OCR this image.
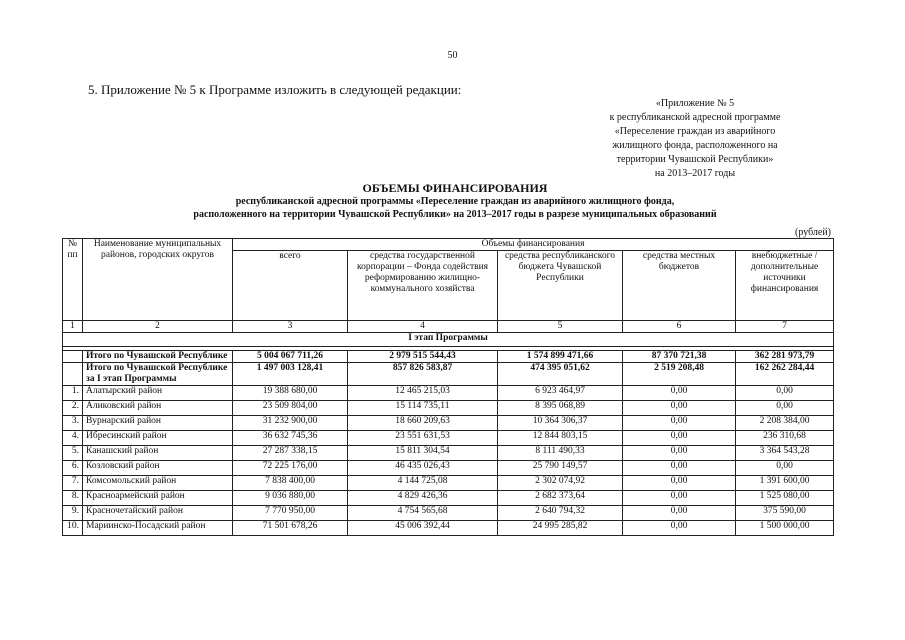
50
5. Приложение № 5 к Программе изложить в следующей редакции:
«Приложение № 5
к республиканской адресной программе
«Переселение граждан из аварийного
жилищного фонда, расположенного на
территории Чувашской Республики»
на 2013–2017 годы
ОБЪЕМЫ ФИНАНСИРОВАНИЯ
республиканской адресной программы «Переселение граждан из аварийного жилищного фонда,
расположенного на территории Чувашской Республики» на 2013–2017 годы в разрезе муниципальных образований
(рублей)
№ пп	Наименование муниципальных районов, городских округов	Объемы финансирования				
		всего	средства государственной корпорации – Фонда содействия реформированию жилищно-коммунального хозяйства	средства республиканского бюджета Чувашской Республики	средства местных бюджетов	внебюджетные / дополнительные источники финансирования
1	2	3	4	5	6	7
I этап Программы						

	Итого по Чувашской Республике	5 004 067 711,26	2 979 515 544,43	1 574 899 471,66	87 370 721,38	362 281 973,79
	Итого по Чувашской Республике за I этап Программы	1 497 003 128,41	857 826 583,87	474 395 051,62	2 519 208,48	162 262 284,44
1.	Алатырский район	19 388 680,00	12 465 215,03	6 923 464,97	0,00	0,00
2.	Аликовский район	23 509 804,00	15 114 735,11	8 395 068,89	0,00	0,00
3.	Вурнарский район	31 232 900,00	18 660 209,63	10 364 306,37	0,00	2 208 384,00
4.	Ибресинский район	36 632 745,36	23 551 631,53	12 844 803,15	0,00	236 310,68
5.	Канашский район	27 287 338,15	15 811 304,54	8 111 490,33	0,00	3 364 543,28
6.	Козловский район	72 225 176,00	46 435 026,43	25 790 149,57	0,00	0,00
7.	Комсомольский район	7 838 400,00	4 144 725,08	2 302 074,92	0,00	1 391 600,00
8.	Красноармейский район	9 036 880,00	4 829 426,36	2 682 373,64	0,00	1 525 080,00
9.	Красночетайский район	7 770 950,00	4 754 565,68	2 640 794,32	0,00	375 590,00
10.	Мариинско-Посадский район	71 501 678,26	45 006 392,44	24 995 285,82	0,00	1 500 000,00
